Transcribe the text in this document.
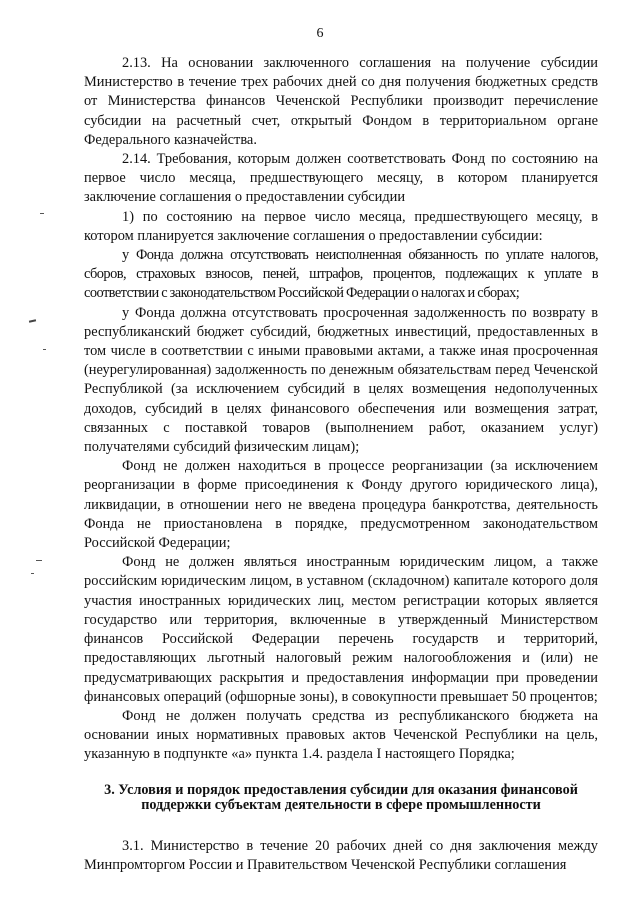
6

2.13. На основании заключенного соглашения на получение субсидии Министерство в течение трех рабочих дней со дня получения бюджетных средств от Министерства финансов Чеченской Республики производит перечисление субсидии на расчетный счет, открытый Фондом в территориальном органе Федерального казначейства.

2.14. Требования, которым должен соответствовать Фонд по состоянию на первое число месяца, предшествующего месяцу, в котором планируется заключение соглашения о предоставлении субсидии

1) по состоянию на первое число месяца, предшествующего месяцу, в котором планируется заключение соглашения о предоставлении субсидии:

у Фонда должна отсутствовать неисполненная обязанность по уплате налогов, сборов, страховых взносов, пеней, штрафов, процентов, подлежащих к уплате в соответствии с законодательством Российской Федерации о налогах и сборах;

у Фонда должна отсутствовать просроченная задолженность по возврату в республиканский бюджет субсидий, бюджетных инвестиций, предоставленных в том числе в соответствии с иными правовыми актами, а также иная просроченная (неурегулированная) задолженность по денежным обязательствам перед Чеченской Республикой (за исключением субсидий в целях возмещения недополученных доходов, субсидий в целях финансового обеспечения или возмещения затрат, связанных с поставкой товаров (выполнением работ, оказанием услуг) получателями субсидий физическим лицам);

Фонд не должен находиться в процессе реорганизации (за исключением реорганизации в форме присоединения к Фонду другого юридического лица), ликвидации, в отношении него не введена процедура банкротства, деятельность Фонда не приостановлена в порядке, предусмотренном законодательством Российской Федерации;

Фонд не должен являться иностранным юридическим лицом, а также российским юридическим лицом, в уставном (складочном) капитале которого доля участия иностранных юридических лиц, местом регистрации которых является государство или территория, включенные в утвержденный Министерством финансов Российской Федерации перечень государств и территорий, предоставляющих льготный налоговый режим налогообложения и (или) не предусматривающих раскрытия и предоставления информации при проведении финансовых операций (офшорные зоны), в совокупности превышает 50 процентов;

Фонд не должен получать средства из республиканского бюджета на основании иных нормативных правовых актов Чеченской Республики на цель, указанную в подпункте «а» пункта 1.4. раздела I настоящего Порядка;

3. Условия и порядок предоставления субсидии для оказания финансовой поддержки субъектам деятельности в сфере промышленности

3.1. Министерство в течение 20 рабочих дней со дня заключения между Минпромторгом России и Правительством Чеченской Республики соглашения
